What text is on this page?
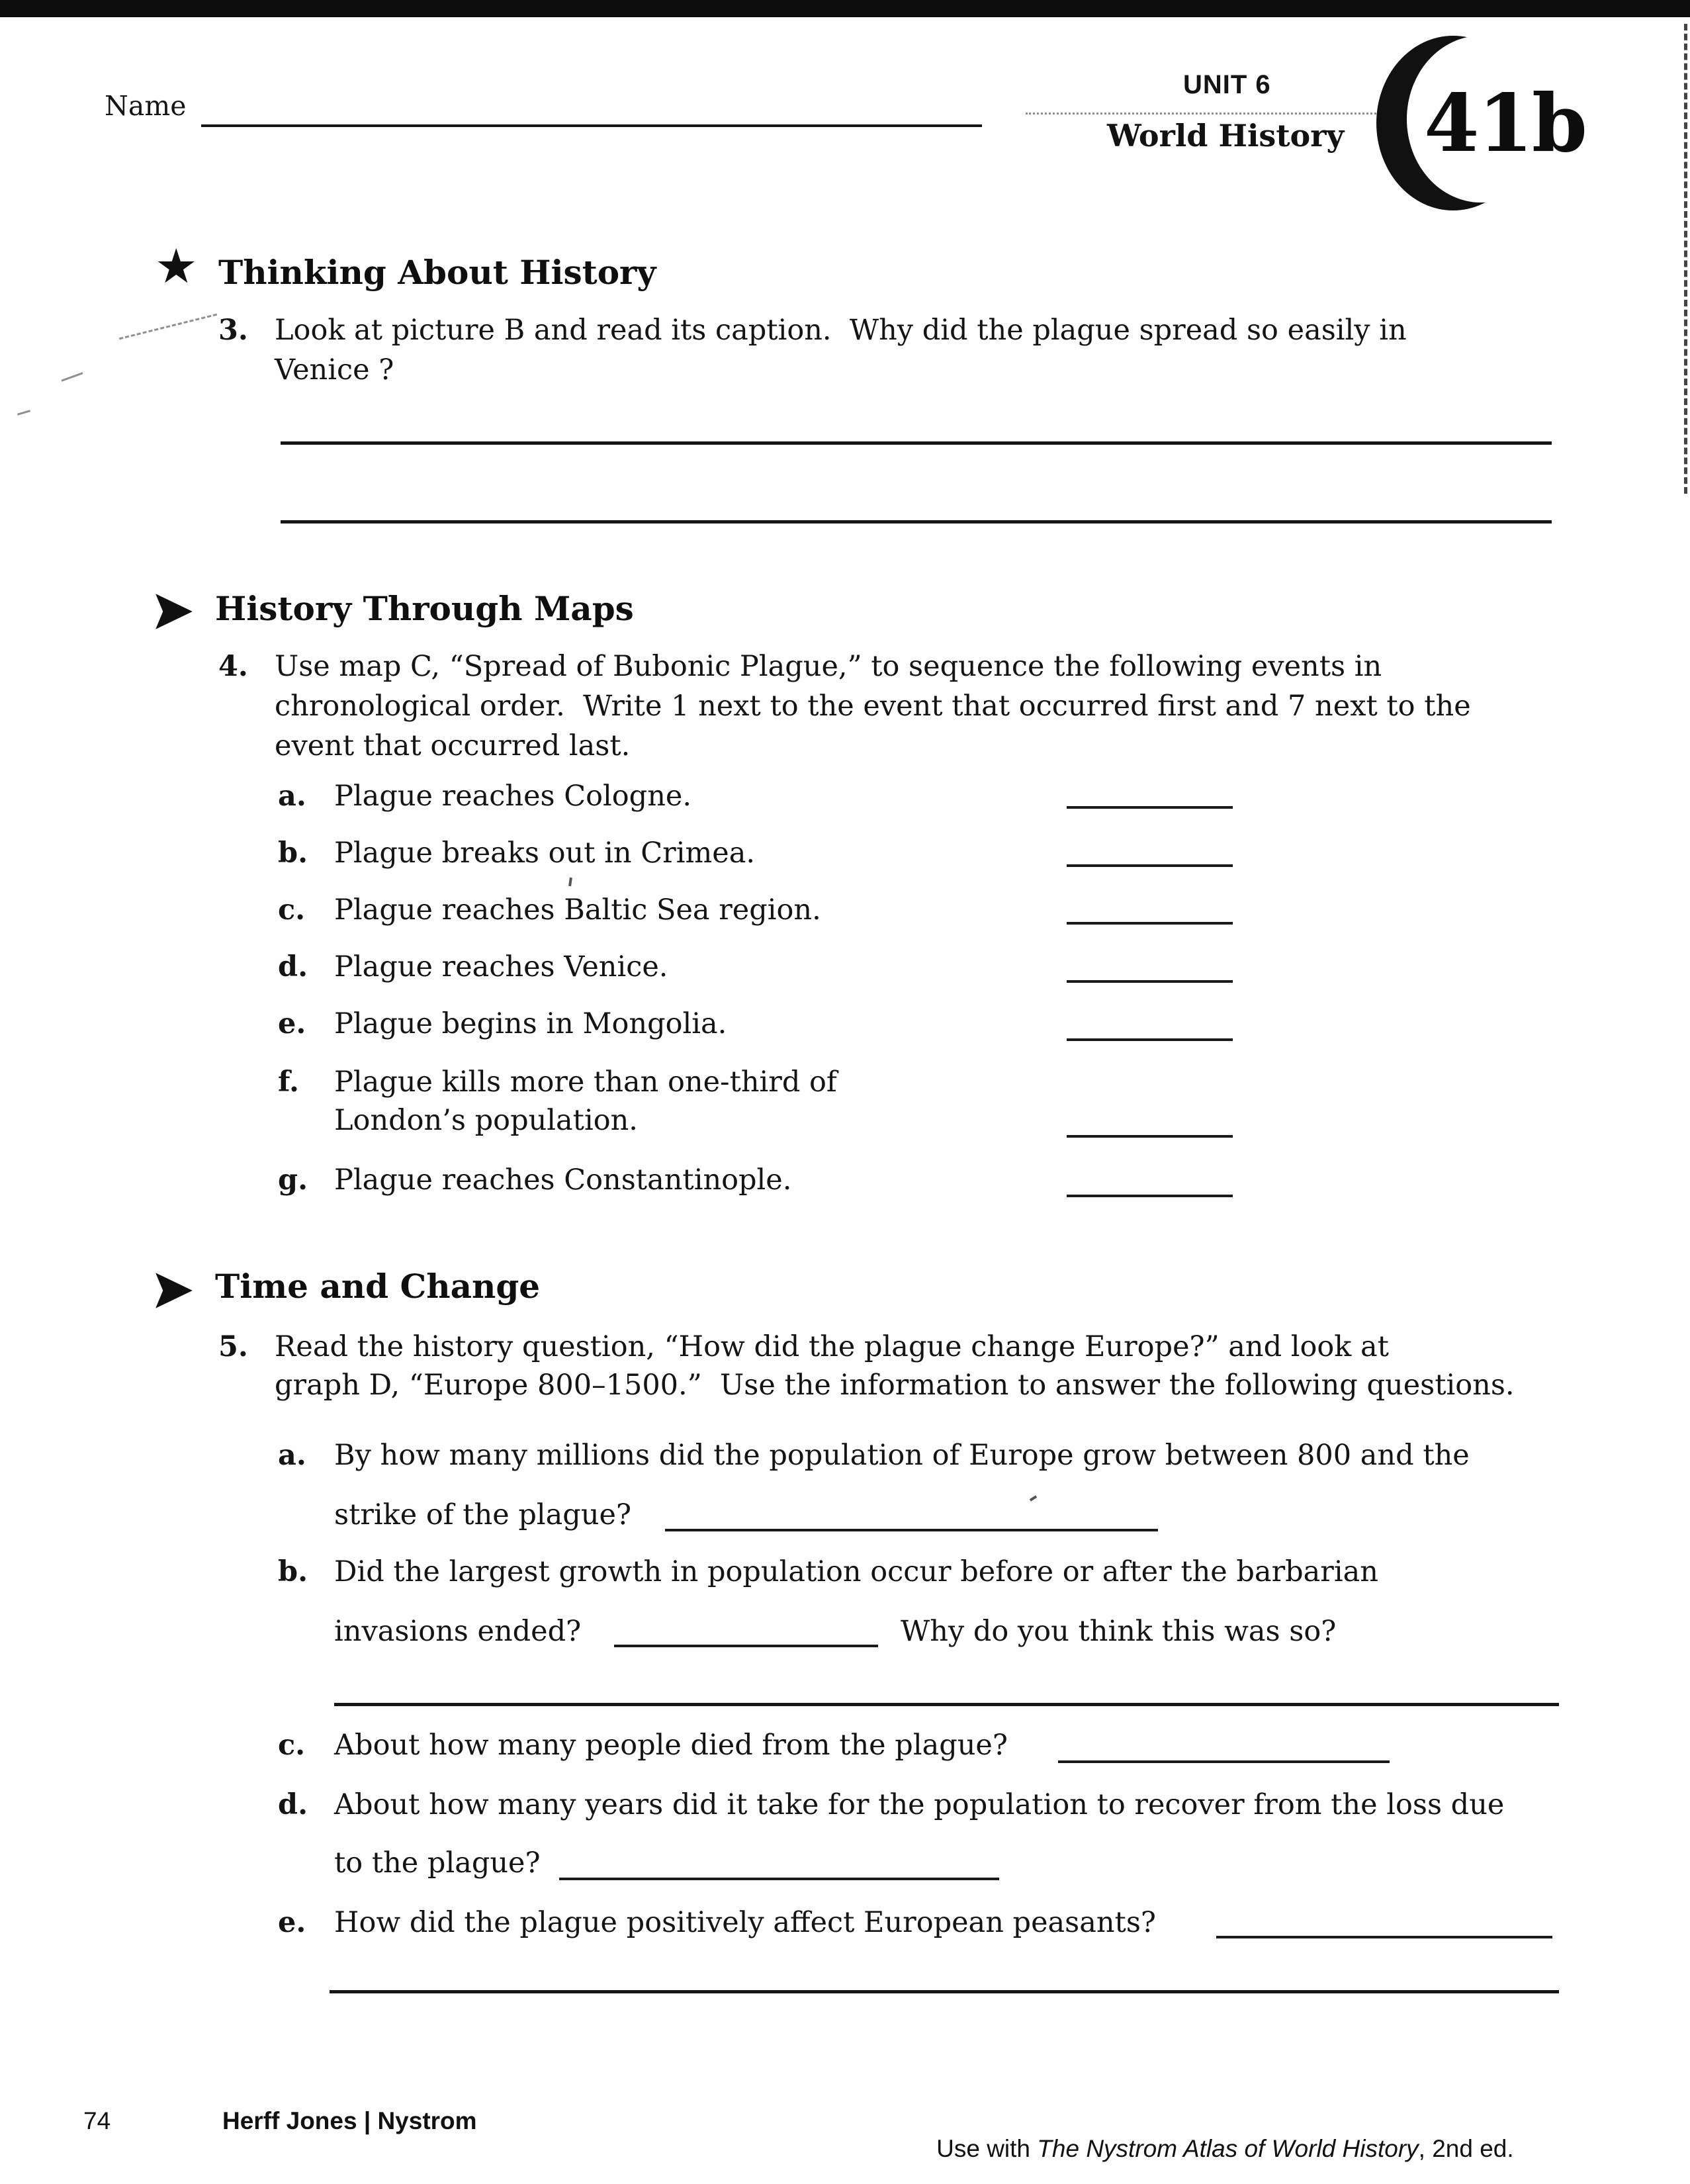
Name
UNIT 6
World History 41b
★ Thinking About History
3. Look at picture B and read its caption.  Why did the plague spread so easily in
Venice ?
History Through Maps
4. Use map C, “Spread of Bubonic Plague,” to sequence the following events in
chronological order.  Write 1 next to the event that occurred first and 7 next to the
event that occurred last.
a. Plague reaches Cologne.
b. Plague breaks out in Crimea.
c. Plague reaches Baltic Sea region.
d. Plague reaches Venice.
e. Plague begins in Mongolia.
f. Plague kills more than one-third of
London’s population.
g. Plague reaches Constantinople.
Time and Change
5. Read the history question, “How did the plague change Europe?” and look at
graph D, “Europe 800–1500.”  Use the information to answer the following questions.
a. By how many millions did the population of Europe grow between 800 and the
strike of the plague?
b. Did the largest growth in population occur before or after the barbarian
invasions ended?	Why do you think this was so?
c. About how many people died from the plague?
d. About how many years did it take for the population to recover from the loss due
to the plague?
e. How did the plague positively affect European peasants?
74	Herff Jones | Nystrom

Use with The Nystrom Atlas of World History, 2nd ed.
